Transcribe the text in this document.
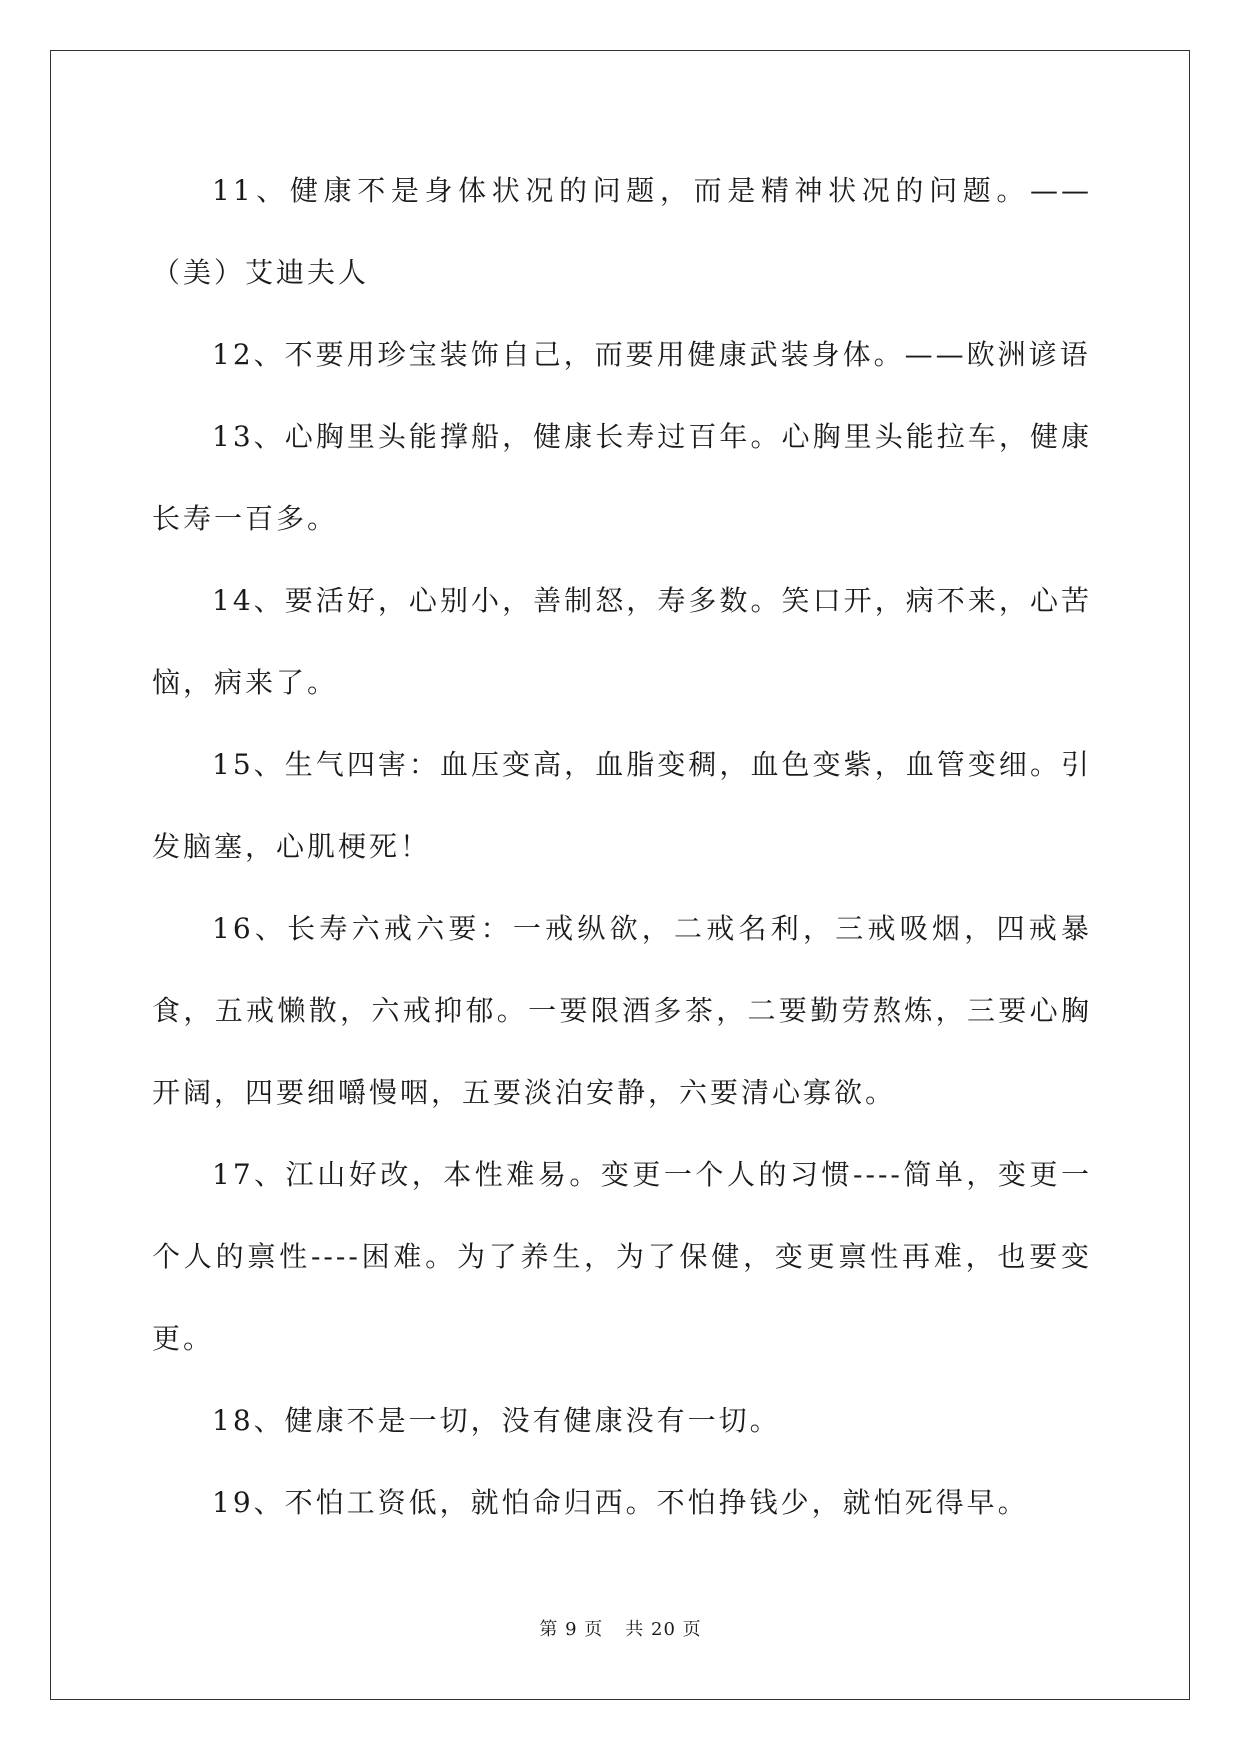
11、健康不是身体状况的问题，而是精神状况的问题。——（美）艾迪夫人

12、不要用珍宝装饰自己，而要用健康武装身体。——欧洲谚语

13、心胸里头能撑船，健康长寿过百年。心胸里头能拉车，健康长寿一百多。

14、要活好，心别小，善制怒，寿多数。笑口开，病不来，心苦恼，病来了。

15、生气四害：血压变高，血脂变稠，血色变紫，血管变细。引发脑塞，心肌梗死！

16、长寿六戒六要：一戒纵欲，二戒名利，三戒吸烟，四戒暴食，五戒懒散，六戒抑郁。一要限酒多茶，二要勤劳熬炼，三要心胸开阔，四要细嚼慢咽，五要淡泊安静，六要清心寡欲。

17、江山好改，本性难易。变更一个人的习惯----简单，变更一个人的禀性----困难。为了养生，为了保健，变更禀性再难，也要变更。

18、健康不是一切，没有健康没有一切。

19、不怕工资低，就怕命归西。不怕挣钱少，就怕死得早。

第 9 页 共 20 页
